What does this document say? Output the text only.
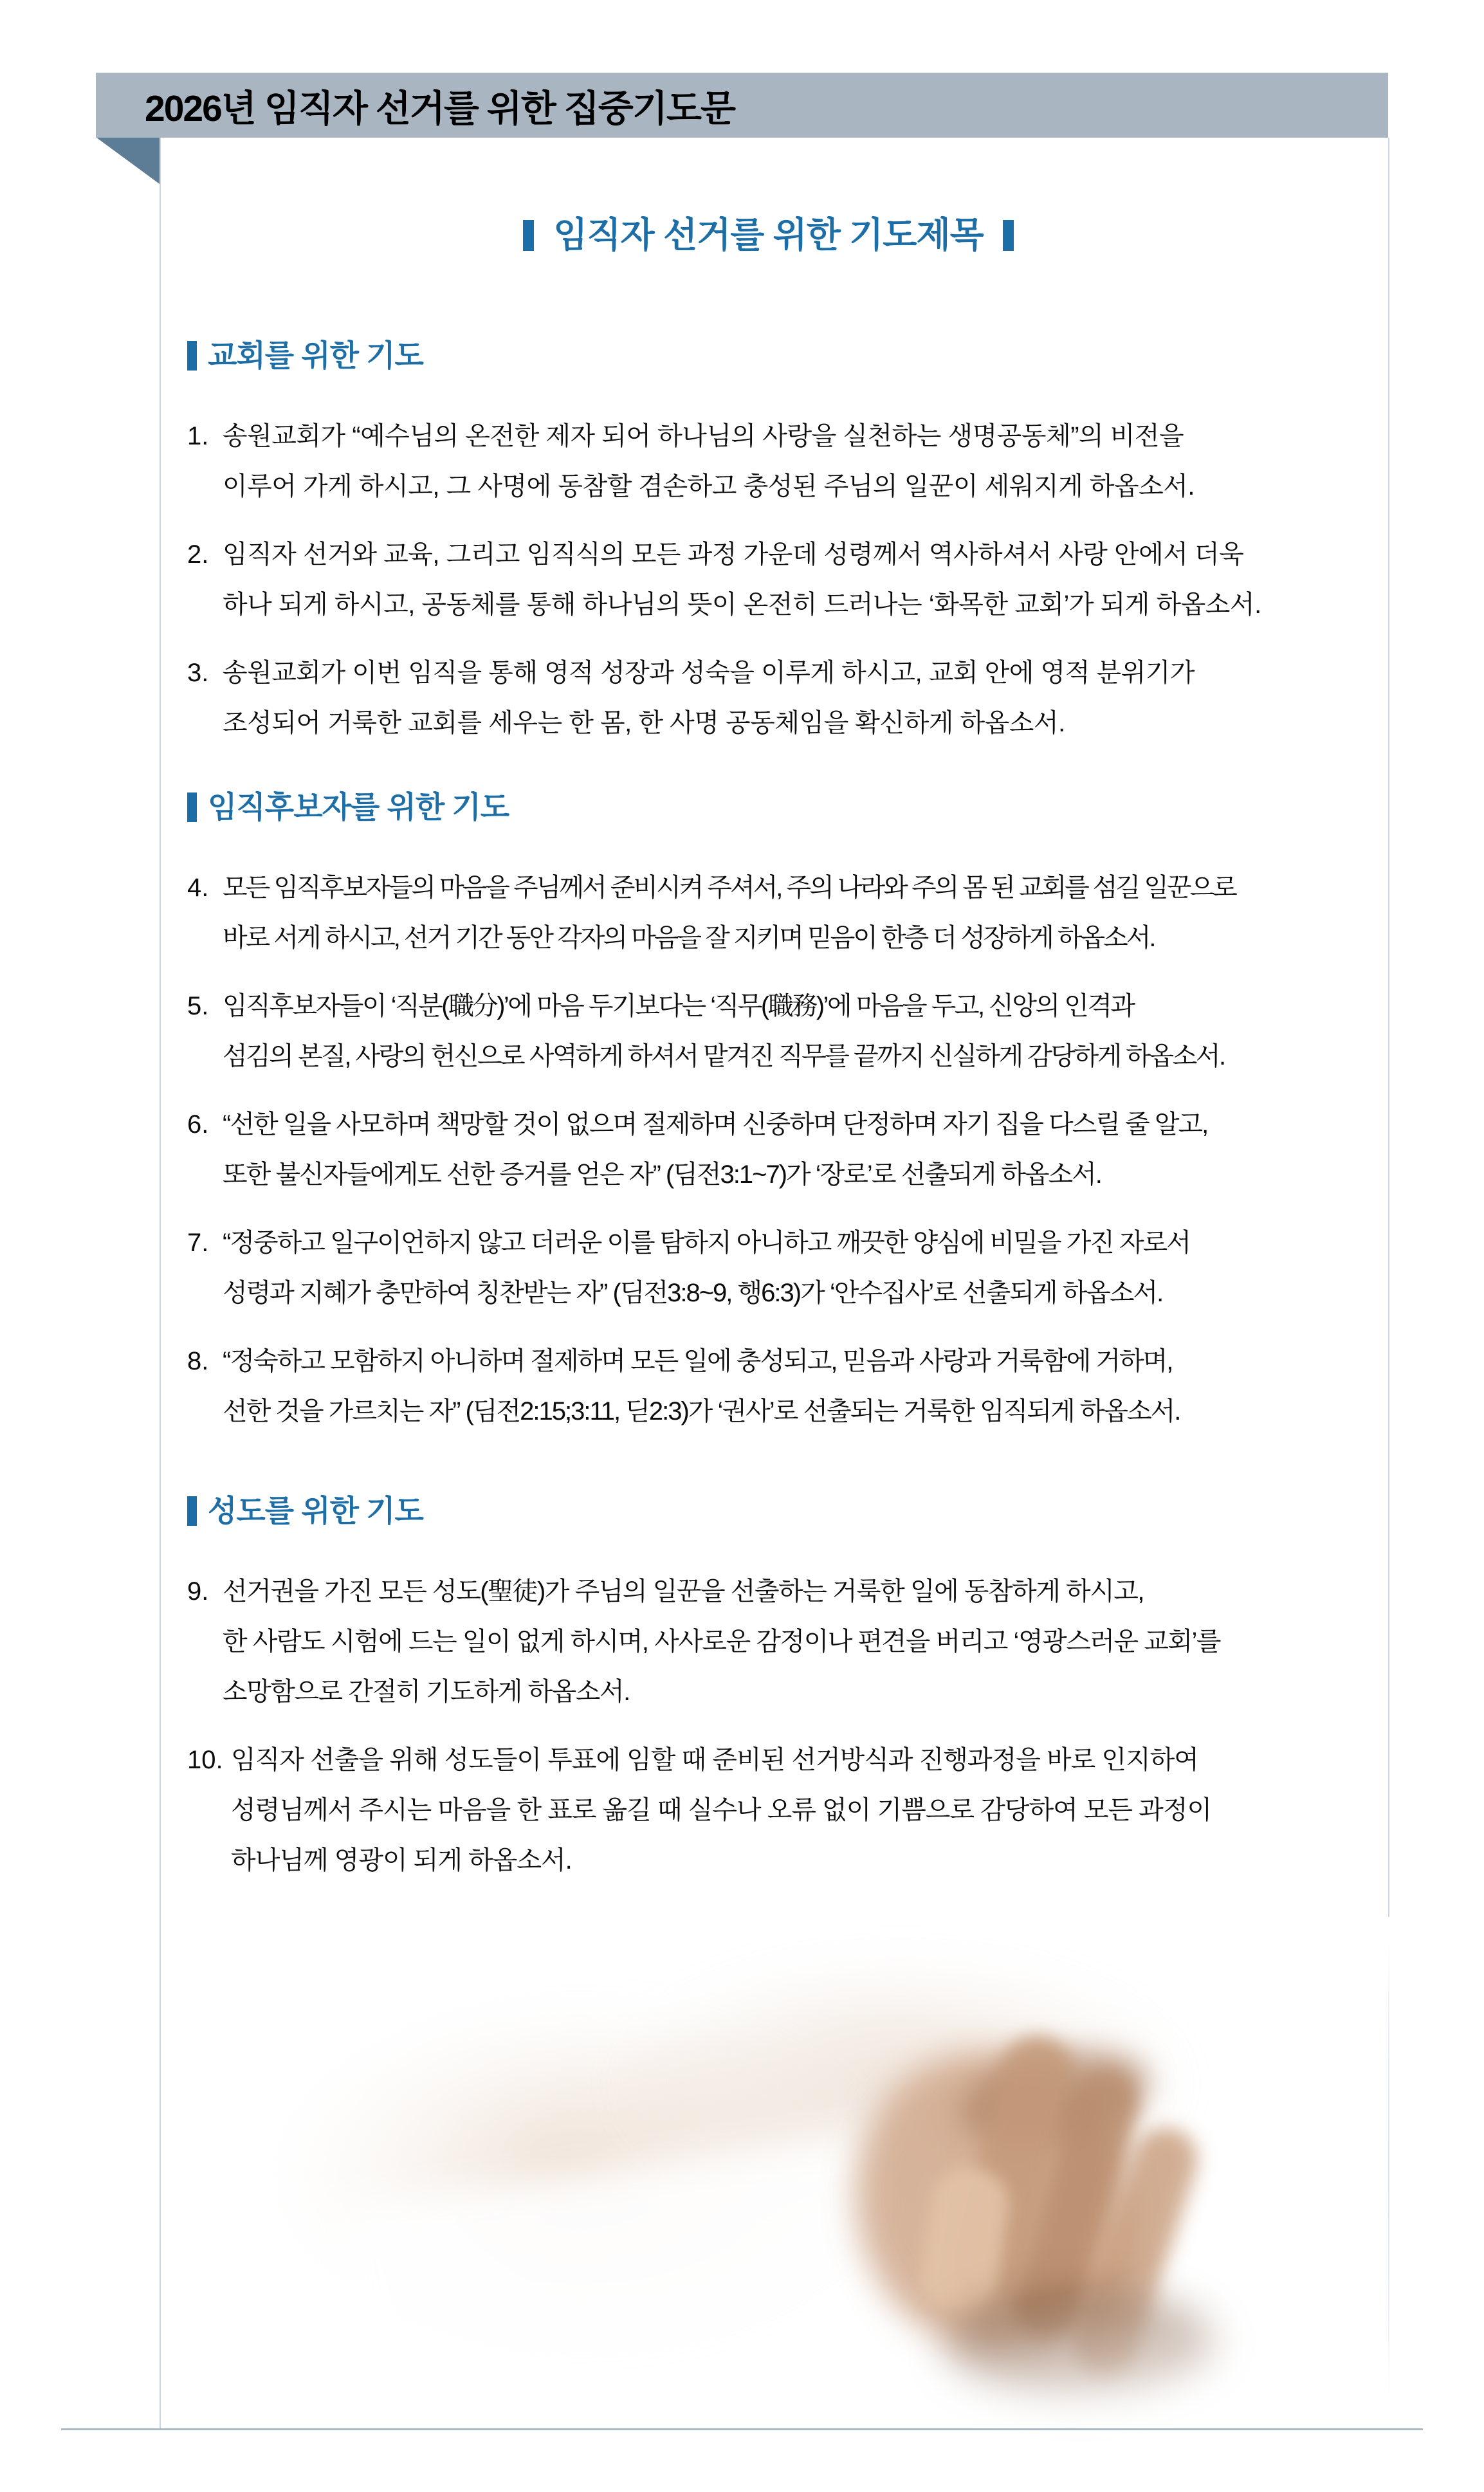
2026년 임직자 선거를 위한 집중기도문
임직자 선거를 위한 기도제목
교회를 위한 기도
1. 송원교회가 “예수님의 온전한 제자 되어 하나님의 사랑을 실천하는 생명공동체”의 비전을
이루어 가게 하시고, 그 사명에 동참할 겸손하고 충성된 주님의 일꾼이 세워지게 하옵소서.
2. 임직자 선거와 교육, 그리고 임직식의 모든 과정 가운데 성령께서 역사하셔서 사랑 안에서 더욱
하나 되게 하시고, 공동체를 통해 하나님의 뜻이 온전히 드러나는 ‘화목한 교회’가 되게 하옵소서.
3. 송원교회가 이번 임직을 통해 영적 성장과 성숙을 이루게 하시고, 교회 안에 영적 분위기가
조성되어 거룩한 교회를 세우는 한 몸, 한 사명 공동체임을 확신하게 하옵소서.
임직후보자를 위한 기도
4. 모든 임직후보자들의 마음을 주님께서 준비시켜 주셔서, 주의 나라와 주의 몸 된 교회를 섬길 일꾼으로
바로 서게 하시고, 선거 기간 동안 각자의 마음을 잘 지키며 믿음이 한층 더 성장하게 하옵소서.
5. 임직후보자들이 ‘직분(職分)’에 마음 두기보다는 ‘직무(職務)’에 마음을 두고, 신앙의 인격과
섬김의 본질, 사랑의 헌신으로 사역하게 하셔서 맡겨진 직무를 끝까지 신실하게 감당하게 하옵소서.
6. “선한 일을 사모하며 책망할 것이 없으며 절제하며 신중하며 단정하며 자기 집을 다스릴 줄 알고,
또한 불신자들에게도 선한 증거를 얻은 자” (딤전3:1~7)가 ‘장로’로 선출되게 하옵소서.
7. “정중하고 일구이언하지 않고 더러운 이를 탐하지 아니하고 깨끗한 양심에 비밀을 가진 자로서
성령과 지혜가 충만하여 칭찬받는 자” (딤전3:8~9, 행6:3)가 ‘안수집사’로 선출되게 하옵소서.
8. “정숙하고 모함하지 아니하며 절제하며 모든 일에 충성되고, 믿음과 사랑과 거룩함에 거하며,
선한 것을 가르치는 자” (딤전2:15;3:11, 딛2:3)가 ‘권사’로 선출되는 거룩한 임직되게 하옵소서.
성도를 위한 기도
9. 선거권을 가진 모든 성도(聖徒)가 주님의 일꾼을 선출하는 거룩한 일에 동참하게 하시고,
한 사람도 시험에 드는 일이 없게 하시며, 사사로운 감정이나 편견을 버리고 ‘영광스러운 교회’를
소망함으로 간절히 기도하게 하옵소서.
10. 임직자 선출을 위해 성도들이 투표에 임할 때 준비된 선거방식과 진행과정을 바로 인지하여
성령님께서 주시는 마음을 한 표로 옮길 때 실수나 오류 없이 기쁨으로 감당하여 모든 과정이
하나님께 영광이 되게 하옵소서.
